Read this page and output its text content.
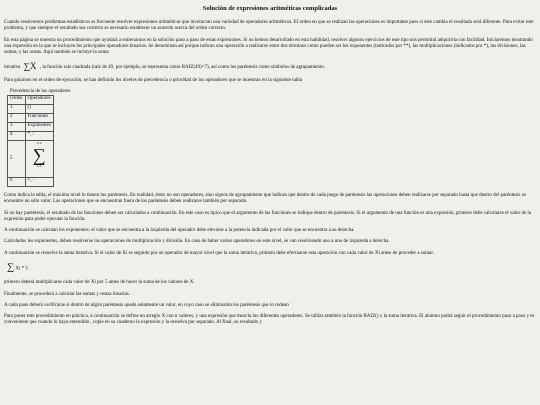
Solución de expresiones aritméticas complicadas

Cuando resolvemos problemas estadísticos es frecuente resolver expresiones aritméticas que involucran una variedad de operadores aritméticos. El orden en que se realizan las operaciones es importante pues si éste cambia el resultado será diferente. Para evitar este problema, y que siempre el resultado sea correcto es necesario establecer un acuerdo acerca del orden correcto.

En esta página se muestra un procedimiento que ayudará a entrenarnos en la solución paso a paso de estas expresiones. Si no hemos desarrollado en esta habilidad, resolver algunos ejercicios de este tipo nos permitirá adquirirla con facilidad. Iniciaremos mostrando una expresión en la que se incluyen los principales operadores binarios. Se denominan así porque indican una operación a realizarse entre dos términos como pueden ser los exponentes (indicados por **), las multiplicaciones (indicados por *), las divisiones, las sumas, y las restas. Aquí también se incluye la suma

iterativa ∑X , la función raíz cuadrada (raíz de 49, por ejemplo, se representa como RAIZ(49)=7), así como los paréntesis como símbolos de agrupamiento.

Para guiarnos en el orden de ejecución, se han definido los niveles de precedencia o prioridad de los operadores que se muestran en la siguiente tabla

Precedencia de los operadores
Orden	Operadores
1	()
2	Funciones
3	Exponentes
4	*, /
5	i=n
∑
i=1

6	+, -

Como indica la tabla, el máximo nivel lo tienen los paréntesis. En realidad, éstos no son operadores, sino signos de agrupamiento que indican que dentro de cada juego de paréntesis las operaciones deben realizarse por separado hasta que dentro del paréntesis se encuentre un sólo valor. Las operaciones que se encuentran fuera de los paréntesis deben realizarse también por separado.

Si no hay paréntesis, el resultado de las funciones deben ser calculados a continuación. En este caso es típico que el argumento de las funciones se indique dentro de paréntesis. Si el argumento de una función es una expresión, primero debe calcularse el valor de la expresión para poder ejecutar la función.

A continuación se calculan los exponentes: el valor que se encuentra a la izquierda del operador debe elevarse a la potencia indicada por el valor que se encuentra a su derecha.

Calculados los exponentes, deben resolverse las operaciones de multiplicación y división. En caso de haber varios operadores en este nivel, se van resolviendo uno a uno de izquierda a derecha.

A continuación se resuelve la suma iterativa. Si el valor de Xi es seguido por un operador de mayor nivel que la suma iterativa, primero debe efectuarse esta operación con cada valor de Xi antes de proceder a sumar.

∑ Xi * 5

primero deberá multiplicarse cada valor de Xi por 5 antes de hacer la suma de los valores de X.

Finalmente, se procederá a calcular las sumas y restas binarias.

A cada paso deberá verificarse si dentro de algún paréntesis queda solamente un valor, en cuyo caso se eliminarán los paréntesis que lo rodean

Para poner este procedimiento en práctica, a continuación se define un arreglo X con n valores, y una expresión que mezcla los diferentes operadores. Se utiliza también la función RAIZ() y la suma iterativa. El alumno podrá seguir el procedimiento paso a paso y es conveniente que cuando lo haya entendido , copie en su cuaderno la expresión y la resuelva por separado. Al final, su resultado y
